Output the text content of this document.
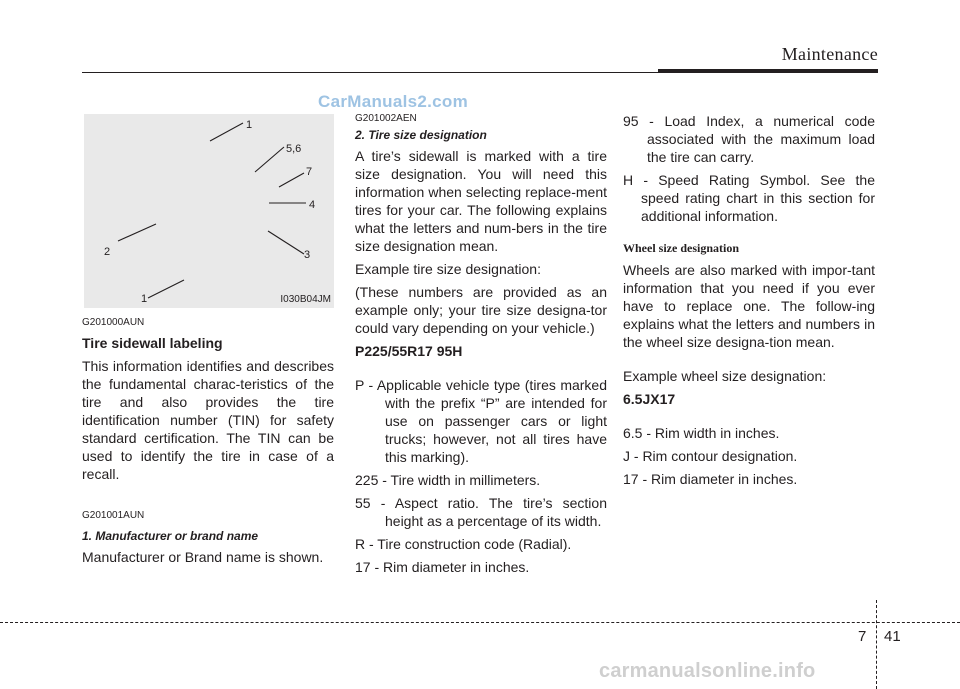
Maintenance
CarManuals2.com
1
5,6
7
4
2	3
1	I030B04JM
G201000AUN
Tire sidewall labeling
This information identifies and describes the fundamental charac-teristics of the tire and also provides the tire identification number (TIN) for safety standard certification. The TIN can be used to identify the tire in case of a recall.
G201001AUN
1. Manufacturer or brand name
Manufacturer or Brand name is shown.
G201002AEN
2. Tire size designation
A tire’s sidewall is marked with a tire size designation. You will need this information when selecting replace-ment tires for your car. The following explains what the letters and num-bers in the tire size designation mean.
Example tire size designation:
(These numbers are provided as an example only; your tire size designa-tor could vary depending on your vehicle.)
P225/55R17 95H
P - Applicable vehicle type (tires marked with the prefix “P” are intended for use on passenger cars or light trucks; however, not all tires have this marking).
225 - Tire width in millimeters.
55 - Aspect ratio. The tire’s section height as a percentage of its width.
R - Tire construction code (Radial).
17 - Rim diameter in inches.
95 - Load Index, a numerical code associated with the maximum load the tire can carry.
H - Speed Rating Symbol. See the speed rating chart in this section for additional information.
Wheel size designation
Wheels are also marked with impor-tant information that you need if you ever have to replace one. The follow-ing explains what the letters and numbers in the wheel size designa-tion mean.
Example wheel size designation:
6.5JX17
6.5 - Rim width in inches.
J - Rim contour designation.
17 - Rim diameter in inches.
7 41
carmanualsonline.info
